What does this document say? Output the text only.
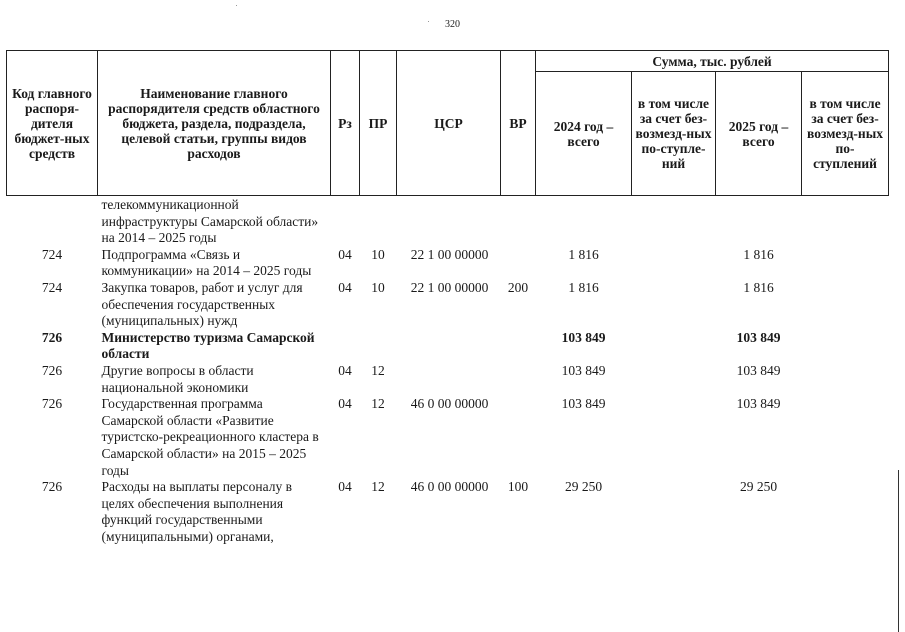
320
Код главного распоря-дителя бюджет-ных средств	Наименование главного распорядителя средств областного бюджета, раздела, подраздела, целевой статьи, группы видов расходов	Рз	ПР	ЦСР	ВР	Сумма, тыс. рублей			
						2024 год – всего	в том числе за счет без-возмезд-ных по-ступле-ний	2025 год – всего	в том числе за счет без-возмезд-ных по-ступлений
	телекоммуникационной инфраструктуры Самарской области» на 2014 – 2025 годы								
724	Подпрограмма «Связь и коммуникации» на 2014 – 2025 годы	04	10	22 1 00 00000		1 816		1 816	
724	Закупка товаров, работ и услуг для обеспечения государственных (муниципальных) нужд	04	10	22 1 00 00000	200	1 816		1 816	
726	Министерство туризма Самарской области					103 849		103 849	
726	Другие вопросы в области национальной экономики	04	12			103 849		103 849	
726	Государственная программа Самарской области «Развитие туристско-рекреационного кластера в Самарской области» на 2015 – 2025 годы	04	12	46 0 00 00000		103 849		103 849	
726	Расходы на выплаты персоналу в целях обеспечения выполнения функций государственными (муниципальными) органами,	04	12	46 0 00 00000	100	29 250		29 250	
